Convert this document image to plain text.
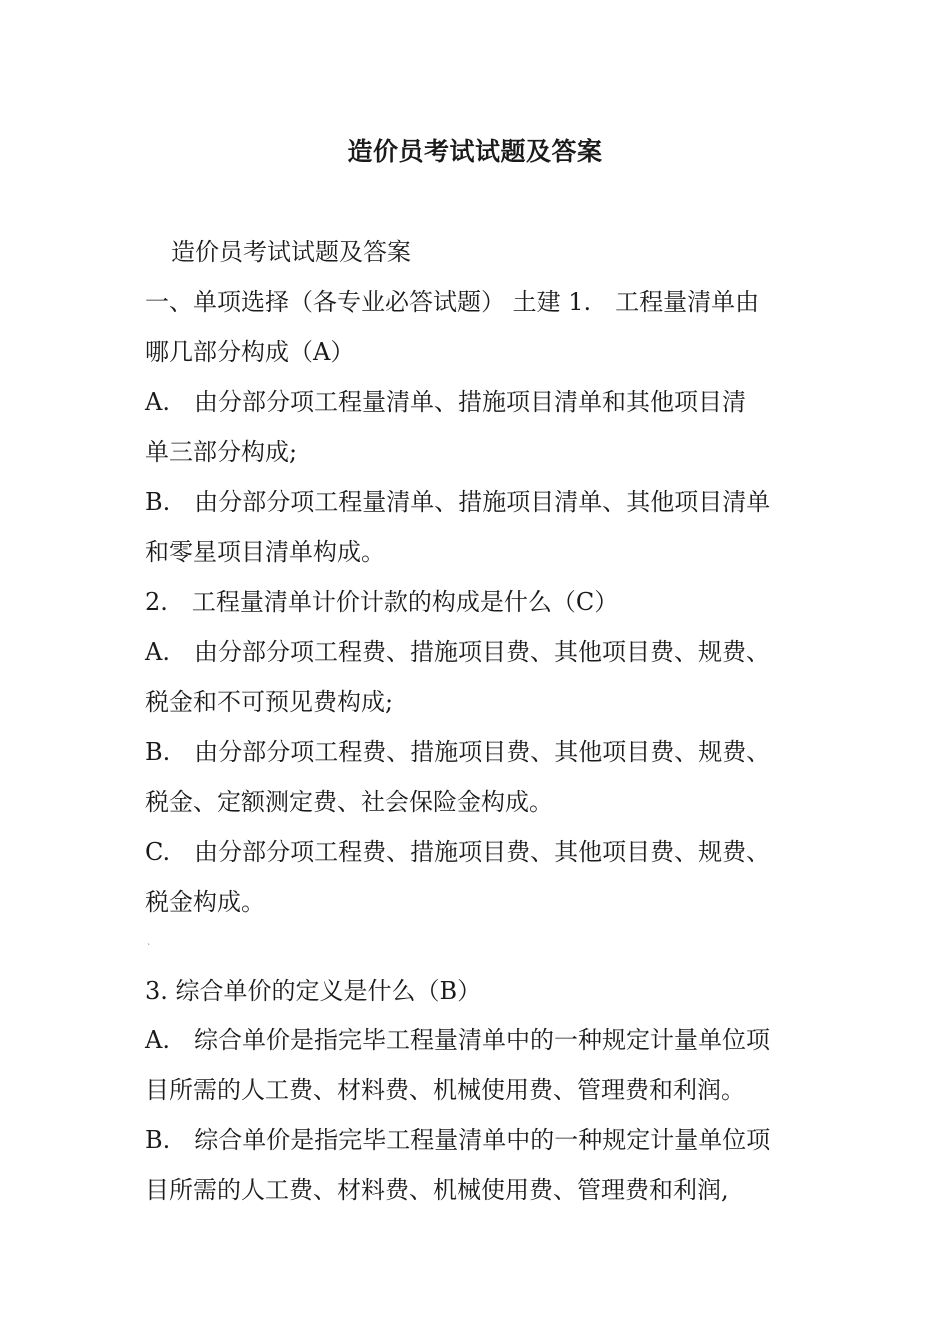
造价员考试试题及答案
造价员考试试题及答案
一、单项选择（各专业必答试题） 土建 1.　工程量清单由
哪几部分构成（A）
A.　由分部分项工程量清单、措施项目清单和其他项目清
单三部分构成;
B.　由分部分项工程量清单、措施项目清单、其他项目清单
和零星项目清单构成。
2.　工程量清单计价计款的构成是什么（C）
A.　由分部分项工程费、措施项目费、其他项目费、规费、
税金和不可预见费构成;
B.　由分部分项工程费、措施项目费、其他项目费、规费、
税金、定额测定费、社会保险金构成。
C.　由分部分项工程费、措施项目费、其他项目费、规费、
税金构成。
`
3. 综合单价的定义是什么（B）
A.　综合单价是指完毕工程量清单中的一种规定计量单位项
目所需的人工费、材料费、机械使用费、管理费和利润。
B.　综合单价是指完毕工程量清单中的一种规定计量单位项
目所需的人工费、材料费、机械使用费、管理费和利润,
